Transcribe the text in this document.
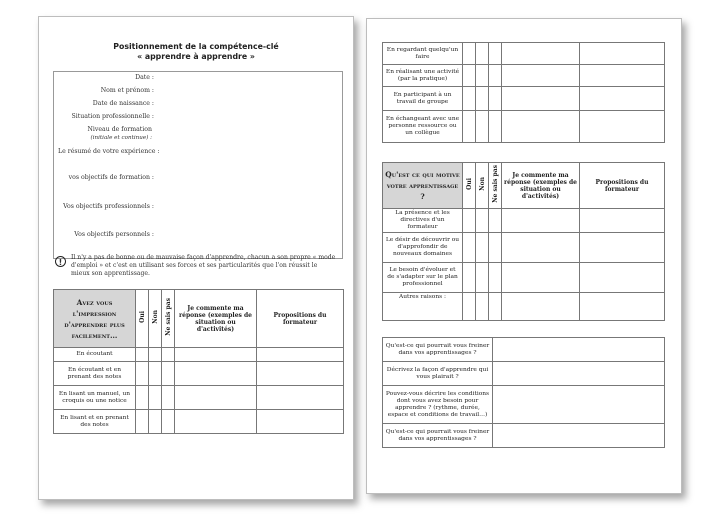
Positionnement de la compétence-clé
« apprendre à apprendre »
Date :
Nom et prénom :
Date de naissance :
Situation professionnelle :
Niveau de formation
(initiale et continue) :
Le résumé de votre expérience :
vos objectifs de formation :
Vos objectifs professionnels :
Vos objectifs personnels :
!
Il n'y a pas de bonne ou de mauvaise façon d'apprendre, chacun a son propre « mode d'emploi » et c'est en utilisant ses forces et ses particularités que l'on réussit le mieux son apprentissage.
Avez vous l'impression d'apprendre plus facilement…	Oui	Non	Ne sais pas	Je commente ma réponse (exemples de situation ou d'activités)	Propositions du formateur
En écoutant					
En écoutant et en prenant des notes					
En lisant un manuel, un croquis ou une notice					
En lisant et en prenant des notes					
En regardant quelqu'un faire					
En réalisant une activité (par la pratique)					
En participant à un travail de groupe					
En échangeant avec une personne ressource ou un collègue					
Qu'est ce qui motive votre apprentissage ?	Oui	Non	Ne sais pas	Je commente ma réponse (exemples de situation ou d'activités)	Propositions du formateur
La présence et les directives d'un formateur					
Le désir de découvrir ou d'approfondir de nouveaux domaines					
Le besoin d'évoluer et de s'adapter sur le plan professionnel					
Autres raisons :					
Qu'est-ce qui pourrait vous freiner dans vos apprentissages ?	
Décrivez la façon d'apprendre qui vous plairait ?	
Pouvez-vous décrire les conditions dont vous avez besoin pour apprendre ? (rythme, durée, espace et conditions de travail…)	
Qu'est-ce qui pourrait vous freiner dans vos apprentissages ?	
